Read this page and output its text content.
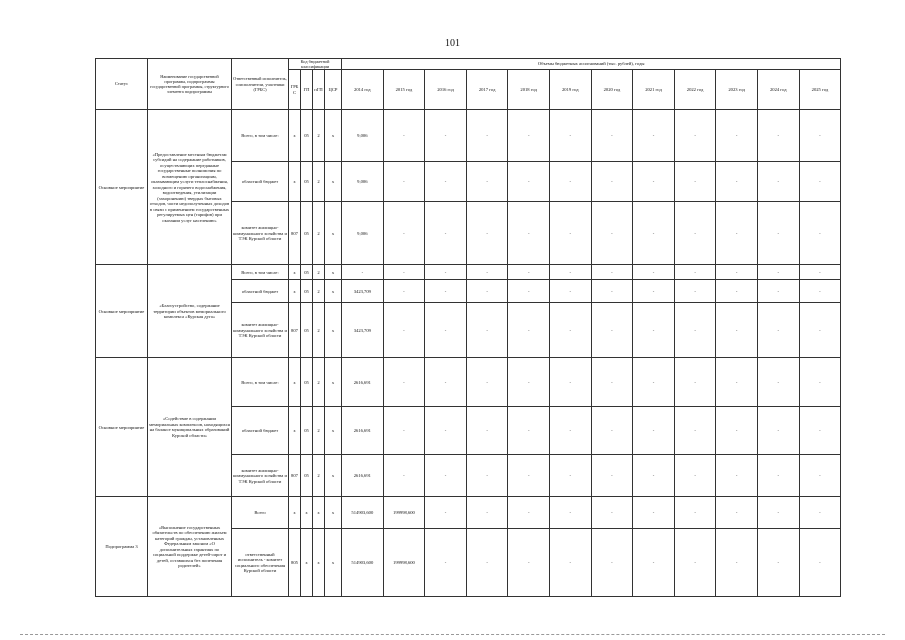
101
Статус	Наименование государственной программы, подпрограммы государственной программы, структурного элемента подпрограммы	Ответственный исполнитель, соисполнители, участники (ГРБС)	Код бюджетной классификации				Объемы бюджетных ассигнований (тыс. рублей), годы											
			ГРБС	ГП	пГП	ЦСР	2014 год	2015 год	2016 год	2017 год	2018 год	2019 год	2020 год	2021 год	2022 год	2023 год	2024 год	2025 год
Основное мероприятие	«Предоставление местным бюджетам субсидий на содержание работников, осуществляющих переданные государственные полномочия по возмещению организациям, оказывающим услуги теплоснабжения, холодного и горячего водоснабжения, водоотведения, утилизации (захоронению) твердых бытовых отходов, части недополученных доходов в связи с применением государственных регулируемых цен (тарифов) при оказании услуг населению»	Всего, в том числе:	х	05	2	х	9,006	-	-	-	-	-	-	-	-	-	-	-
		областной бюджет	х	05	2	х	9,006	-	-	-	-	-	-	-	-	-	-	-
		комитет жилищно-коммунального хозяйства и ТЭК Курской области	807	05	2	х	9,006	-	-	-	-	-	-	-	-	-	-	-
Основное мероприятие	«Благоустройство, содержание территории объектов мемориального комплекса «Курская дуга»	Всего, в том числе:	х	05	2	х	-	-	-	-	-	-	-	-	-	-	-	-
		областной бюджет	х	05	2	х	3423,709	-	-	-	-	-	-	-	-	-	-	-
		комитет жилищно-коммунального хозяйства и ТЭК Курской области	807	05	2	х	3423,709	-	-	-	-	-	-	-	-	-	-	-
Основное мероприятие	«Содействие в содержании мемориальных комплексов, находящихся на балансе муниципальных образований Курской области»	Всего, в том числе:	х	05	2	х	2616,691	-	-	-	-	-	-	-	-	-	-	-
		областной бюджет	х	05	2	х	2616,691	-	-	-	-	-	-	-	-	-	-	-
		комитет жилищно-коммунального хозяйства и ТЭК Курской области	807	05	2	х	2616,691	-	-	-	-	-	-	-	-	-	-	-
Подпрограмма 3	«Выполнение государственных обязательств по обеспечению жильем категорий граждан, установленных Федеральным законом «О дополнительных гарантиях по социальной поддержке детей-сирот и детей, оставшихся без попечения родителей»	Всего	х	х	х	х	514903,600	199998,600	-	-	-	-	-	-	-	-	-	-
		ответственный исполнитель - комитет социального обеспечения Курской области	805	х	х	х	514903,600	199998,600	-	-	-	-	-	-	-	-	-	-
